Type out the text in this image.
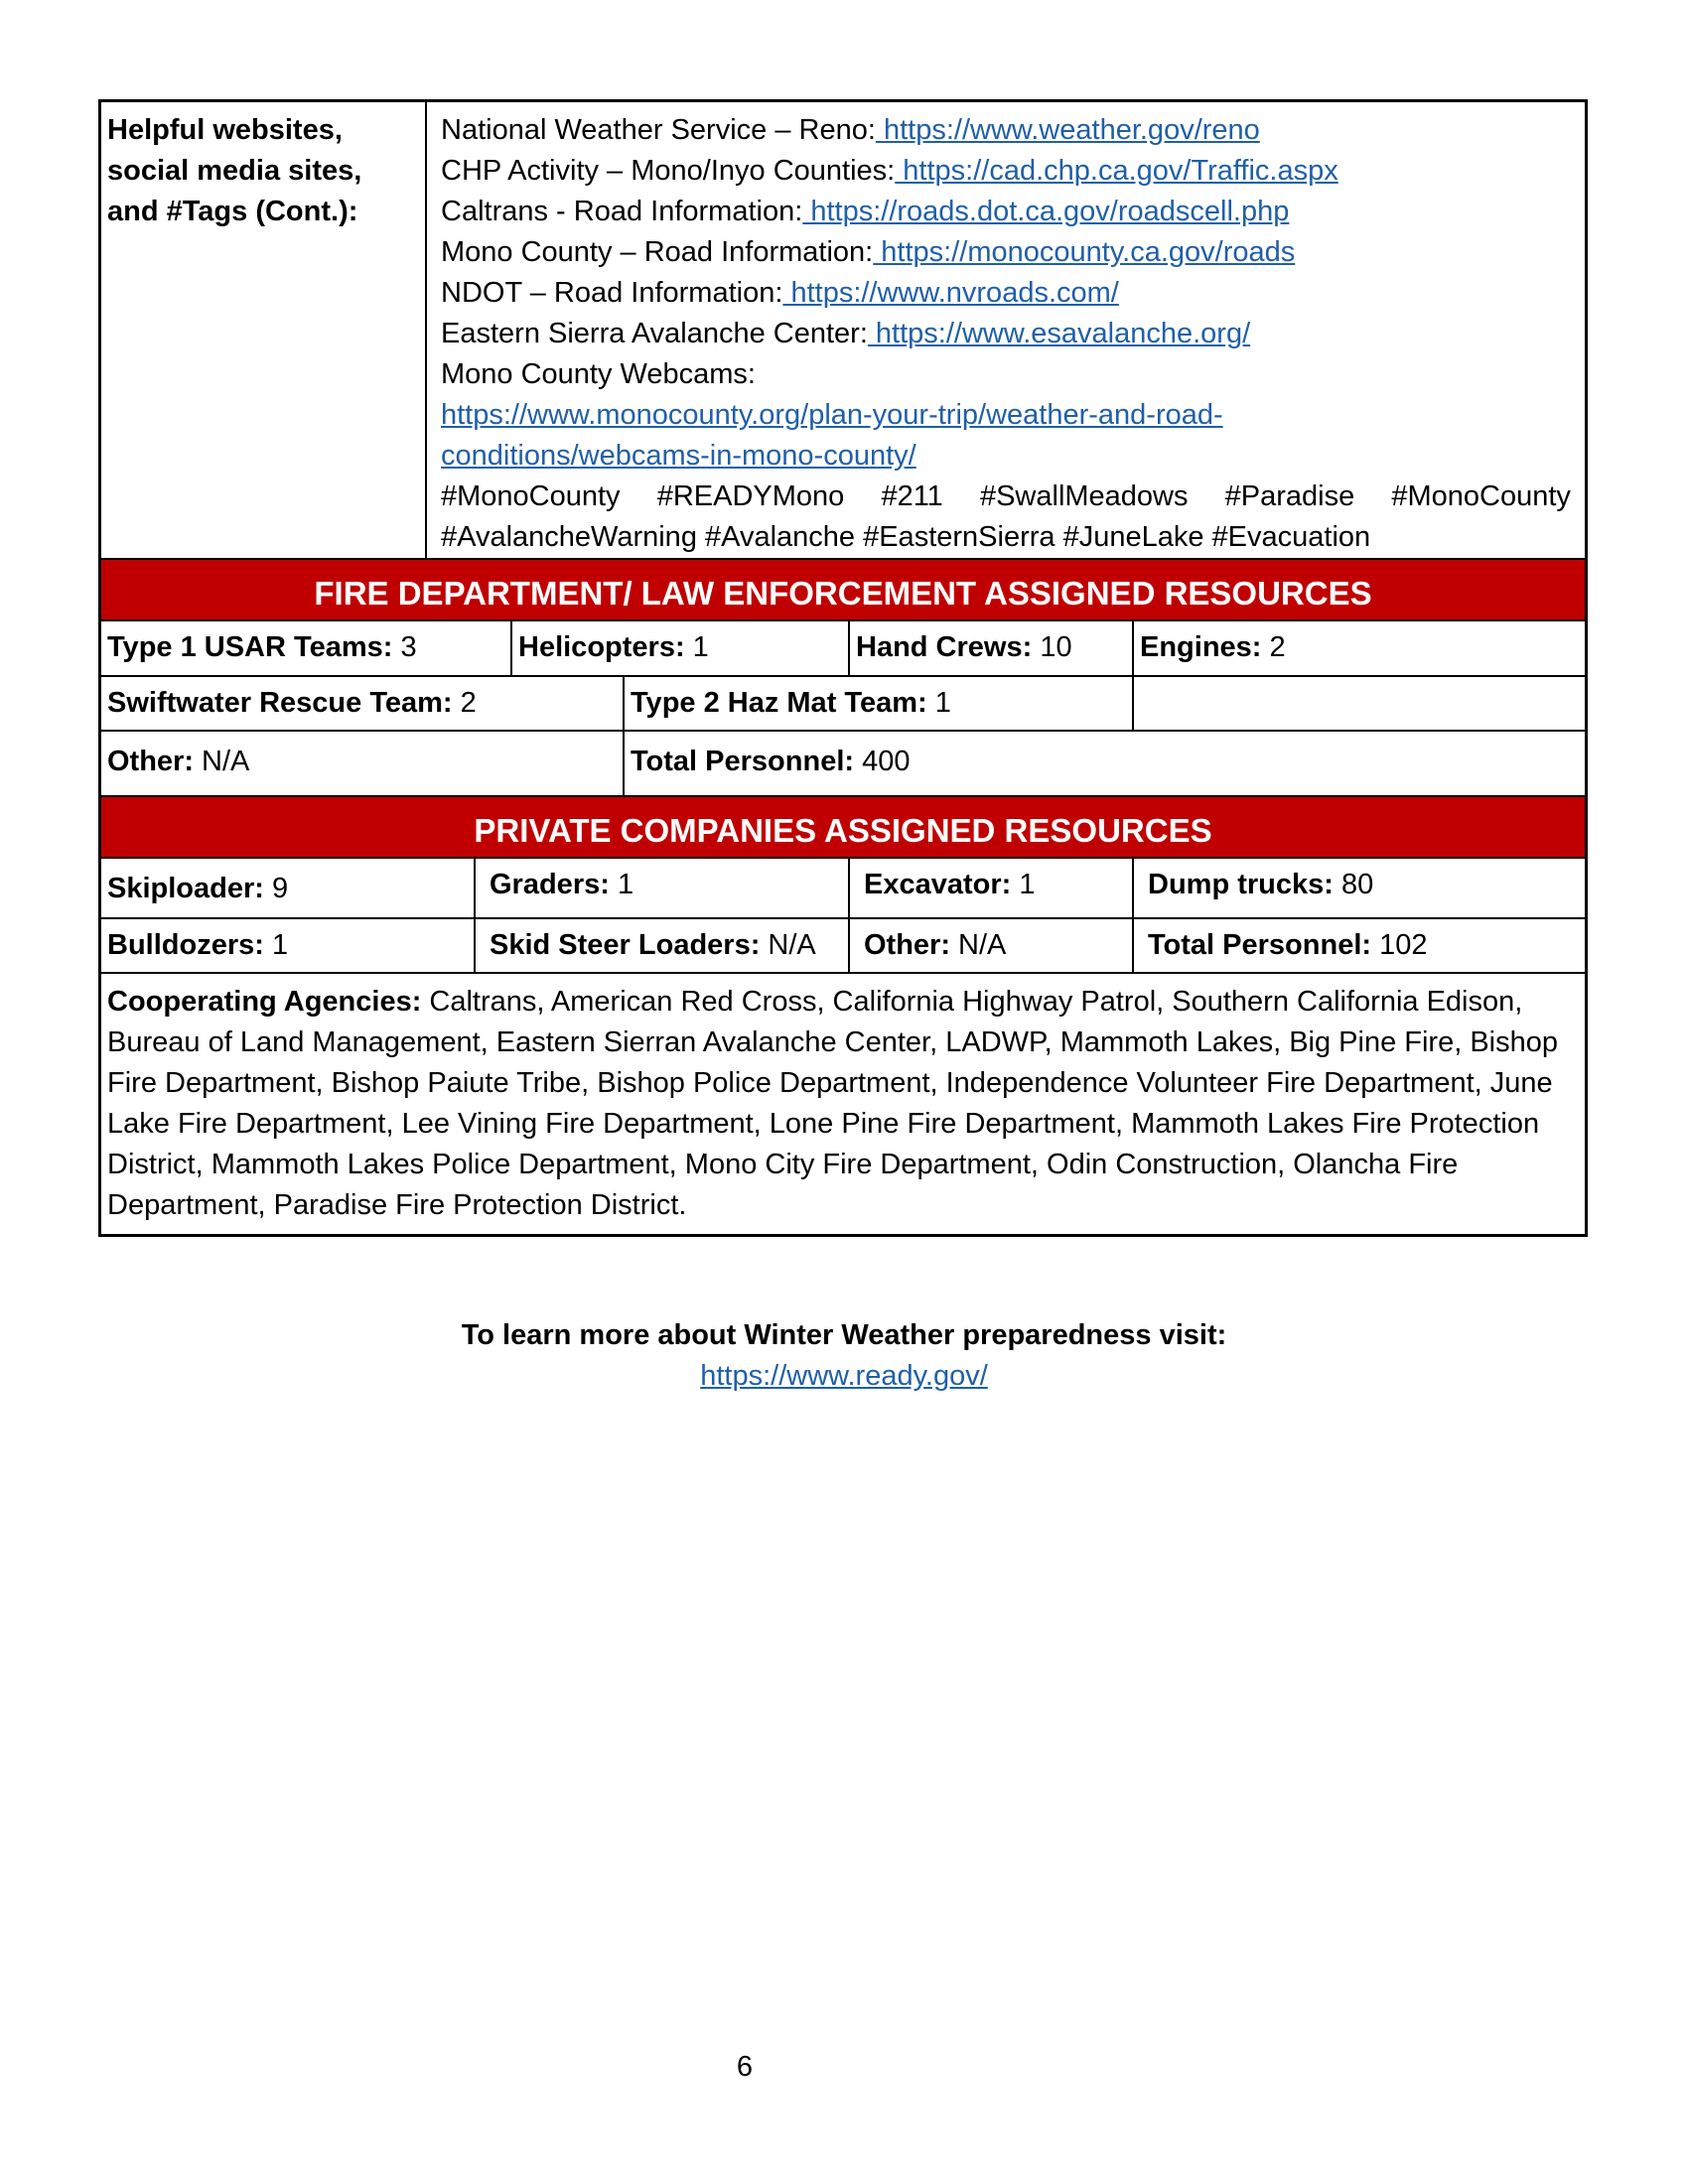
Helpful websites, social media sites, and #Tags (Cont.):
National Weather Service – Reno: https://www.weather.gov/reno
CHP Activity – Mono/Inyo Counties: https://cad.chp.ca.gov/Traffic.aspx
Caltrans - Road Information: https://roads.dot.ca.gov/roadscell.php
Mono County – Road Information: https://monocounty.ca.gov/roads
NDOT – Road Information: https://www.nvroads.com/
Eastern Sierra Avalanche Center: https://www.esavalanche.org/
Mono County Webcams:
https://www.monocounty.org/plan-your-trip/weather-and-road-
conditions/webcams-in-mono-county/
#MonoCounty #READYMono #211 #SwallMeadows #Paradise #MonoCounty
#AvalancheWarning #Avalanche #EasternSierra #JuneLake #Evacuation
FIRE DEPARTMENT/ LAW ENFORCEMENT ASSIGNED RESOURCES
Type 1 USAR Teams: 3	Helicopters: 1	Hand Crews: 10	Engines: 2
Swiftwater Rescue Team: 2	Type 2 Haz Mat Team: 1
Other: N/A	Total Personnel: 400
PRIVATE COMPANIES ASSIGNED RESOURCES
Skiploader: 9	Graders: 1	Excavator: 1	Dump trucks: 80
Bulldozers: 1	Skid Steer Loaders: N/A	Other: N/A	Total Personnel: 102
Cooperating Agencies: Caltrans, American Red Cross, California Highway Patrol, Southern California Edison, Bureau of Land Management, Eastern Sierran Avalanche Center, LADWP, Mammoth Lakes, Big Pine Fire, Bishop Fire Department, Bishop Paiute Tribe, Bishop Police Department, Independence Volunteer Fire Department, June Lake Fire Department, Lee Vining Fire Department, Lone Pine Fire Department, Mammoth Lakes Fire Protection District, Mammoth Lakes Police Department, Mono City Fire Department, Odin Construction, Olancha Fire Department, Paradise Fire Protection District.
To learn more about Winter Weather preparedness visit:
https://www.ready.gov/
6
